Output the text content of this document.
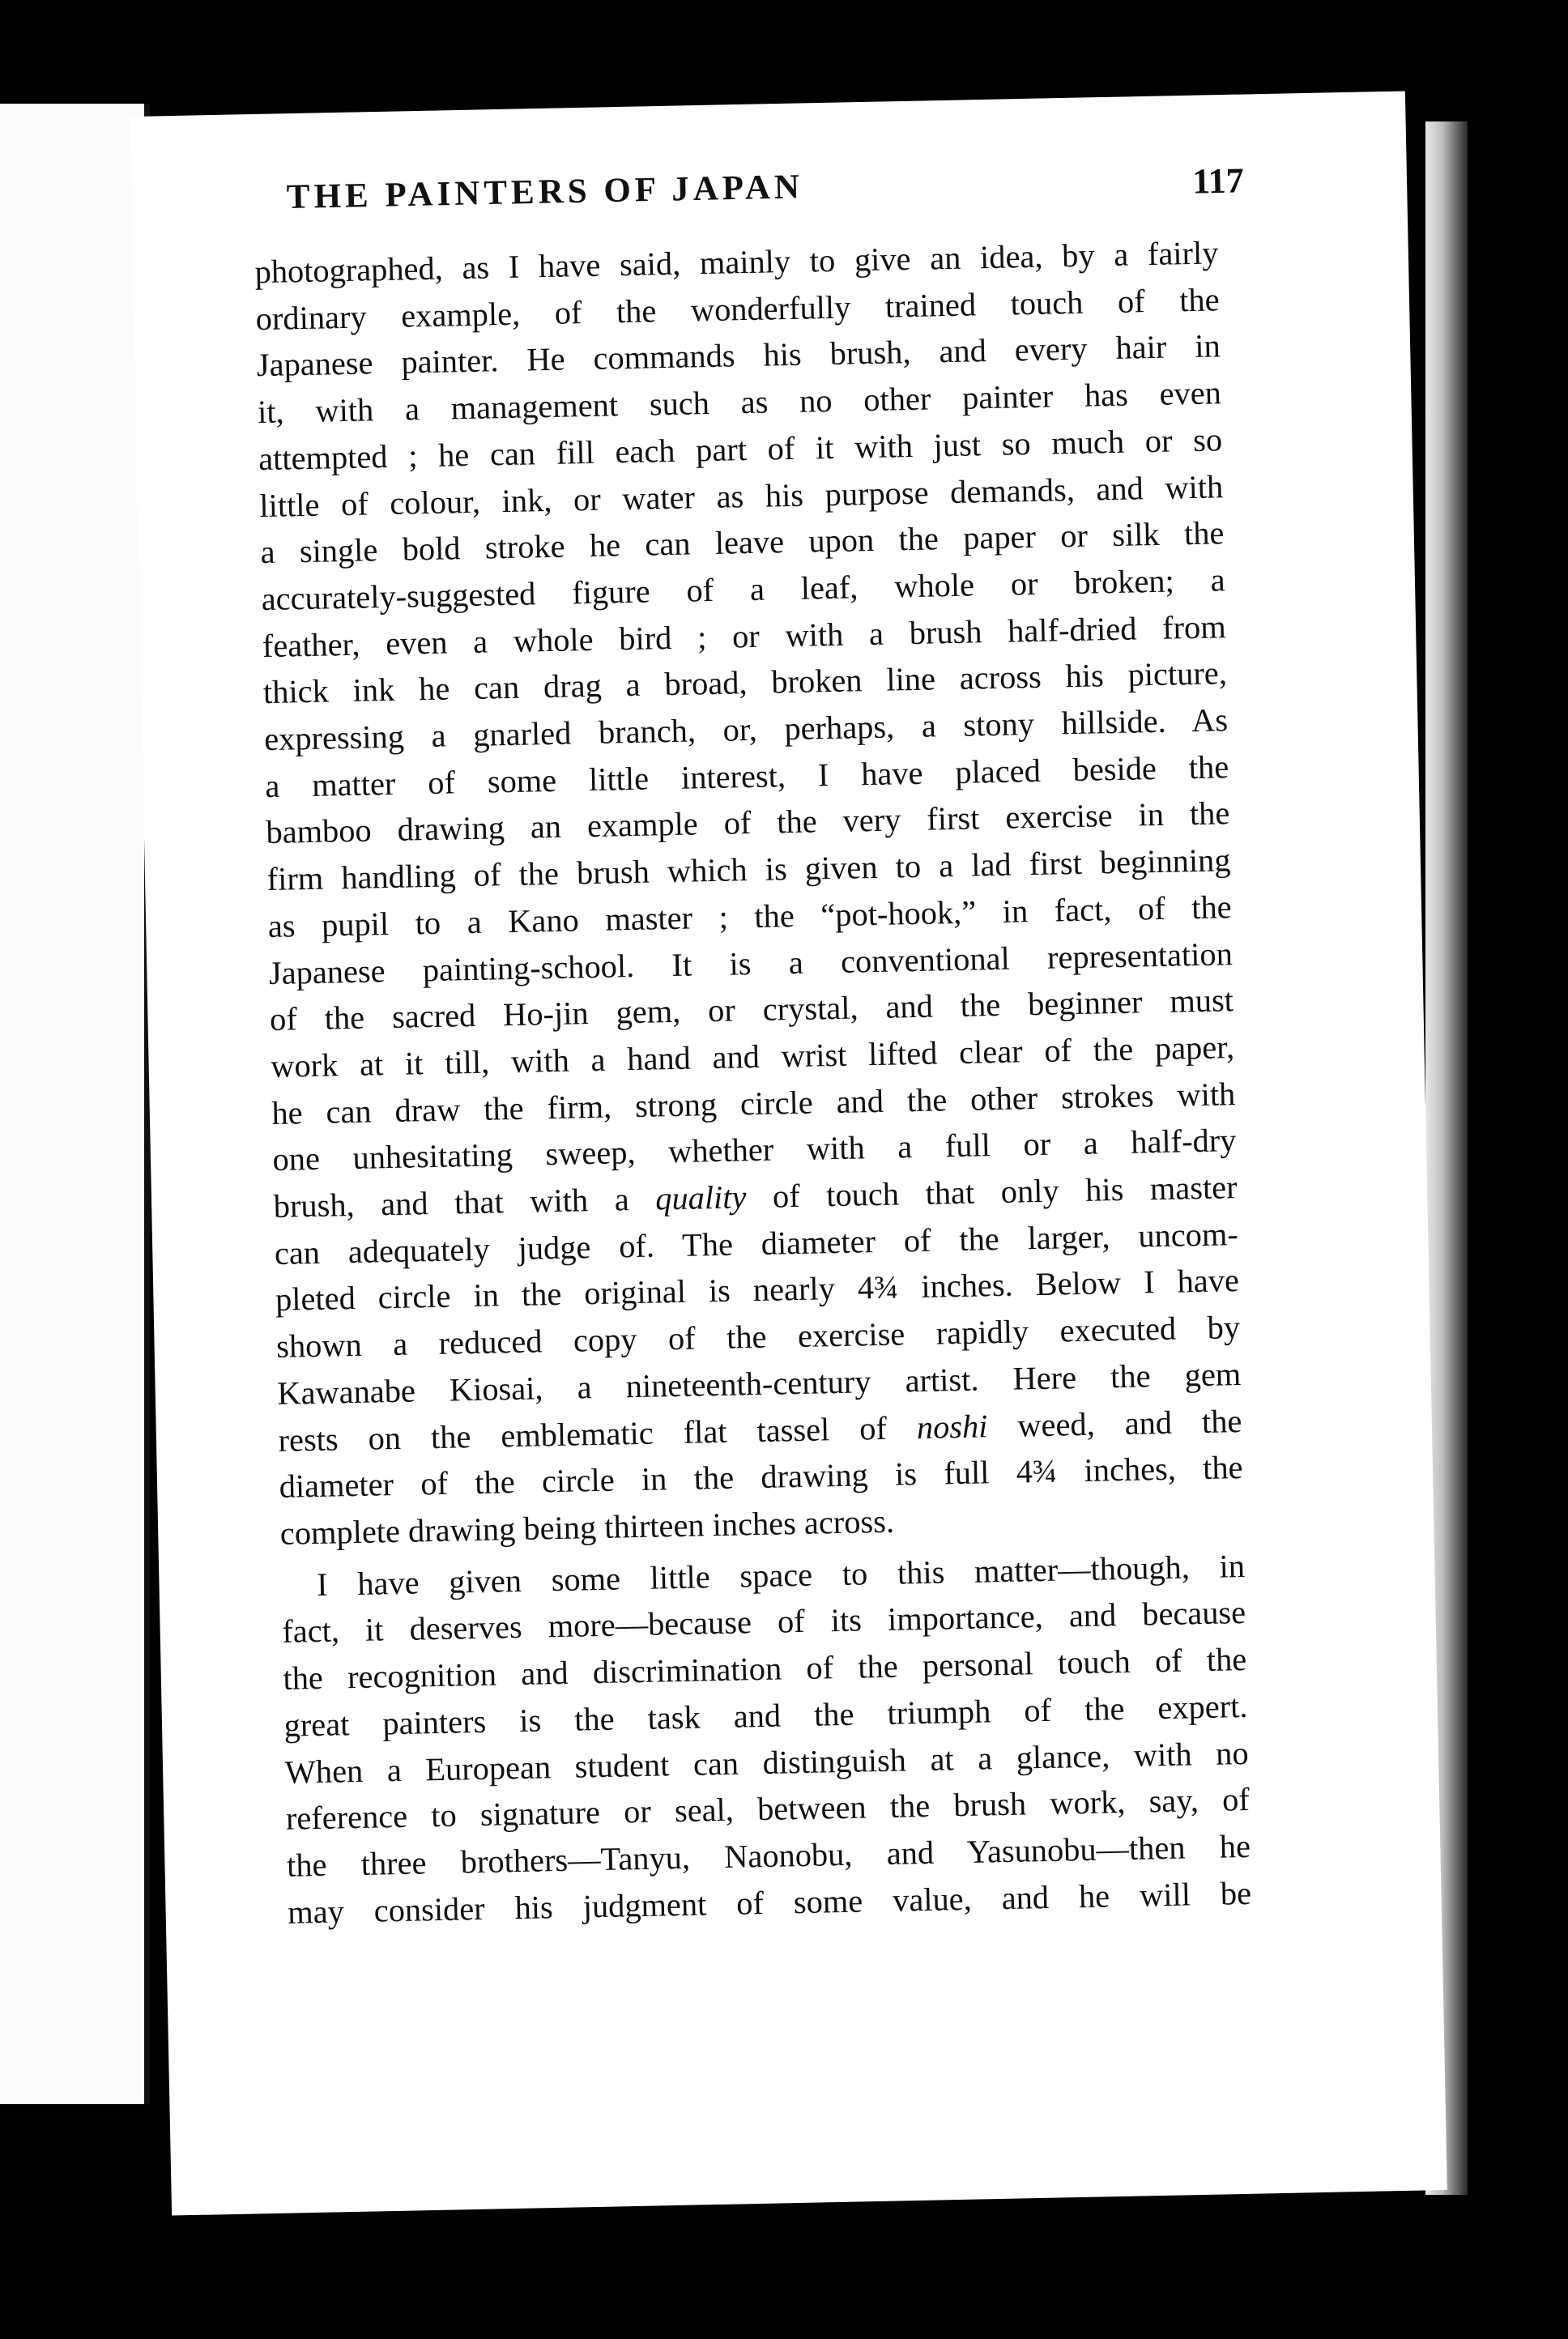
THE PAINTERS OF JAPAN	117
photographed, as I have said, mainly to give an idea, by a fairly
ordinary example, of the wonderfully trained touch of the
Japanese painter. He commands his brush, and every hair in
it, with a management such as no other painter has even
attempted ; he can fill each part of it with just so much or so
little of colour, ink, or water as his purpose demands, and with
a single bold stroke he can leave upon the paper or silk the
accurately-suggested figure of a leaf, whole or broken; a
feather, even a whole bird ; or with a brush half-dried from
thick ink he can drag a broad, broken line across his picture,
expressing a gnarled branch, or, perhaps, a stony hillside. As
a matter of some little interest, I have placed beside the
bamboo drawing an example of the very first exercise in the
firm handling of the brush which is given to a lad first beginning
as pupil to a Kano master ; the “pot-hook,” in fact, of the
Japanese painting-school. It is a conventional representation
of the sacred Ho-jin gem, or crystal, and the beginner must
work at it till, with a hand and wrist lifted clear of the paper,
he can draw the firm, strong circle and the other strokes with
one unhesitating sweep, whether with a full or a half-dry
brush, and that with a quality of touch that only his master
can adequately judge of. The diameter of the larger, uncom-
pleted circle in the original is nearly 4¾ inches. Below I have
shown a reduced copy of the exercise rapidly executed by
Kawanabe Kiosai, a nineteenth-century artist. Here the gem
rests on the emblematic flat tassel of noshi weed, and the
diameter of the circle in the drawing is full 4¾ inches, the
complete drawing being thirteen inches across.
I have given some little space to this matter—though, in
fact, it deserves more—because of its importance, and because
the recognition and discrimination of the personal touch of the
great painters is the task and the triumph of the expert.
When a European student can distinguish at a glance, with no
reference to signature or seal, between the brush work, say, of
the three brothers—Tanyu, Naonobu, and Yasunobu—then he
may consider his judgment of some value, and he will be
